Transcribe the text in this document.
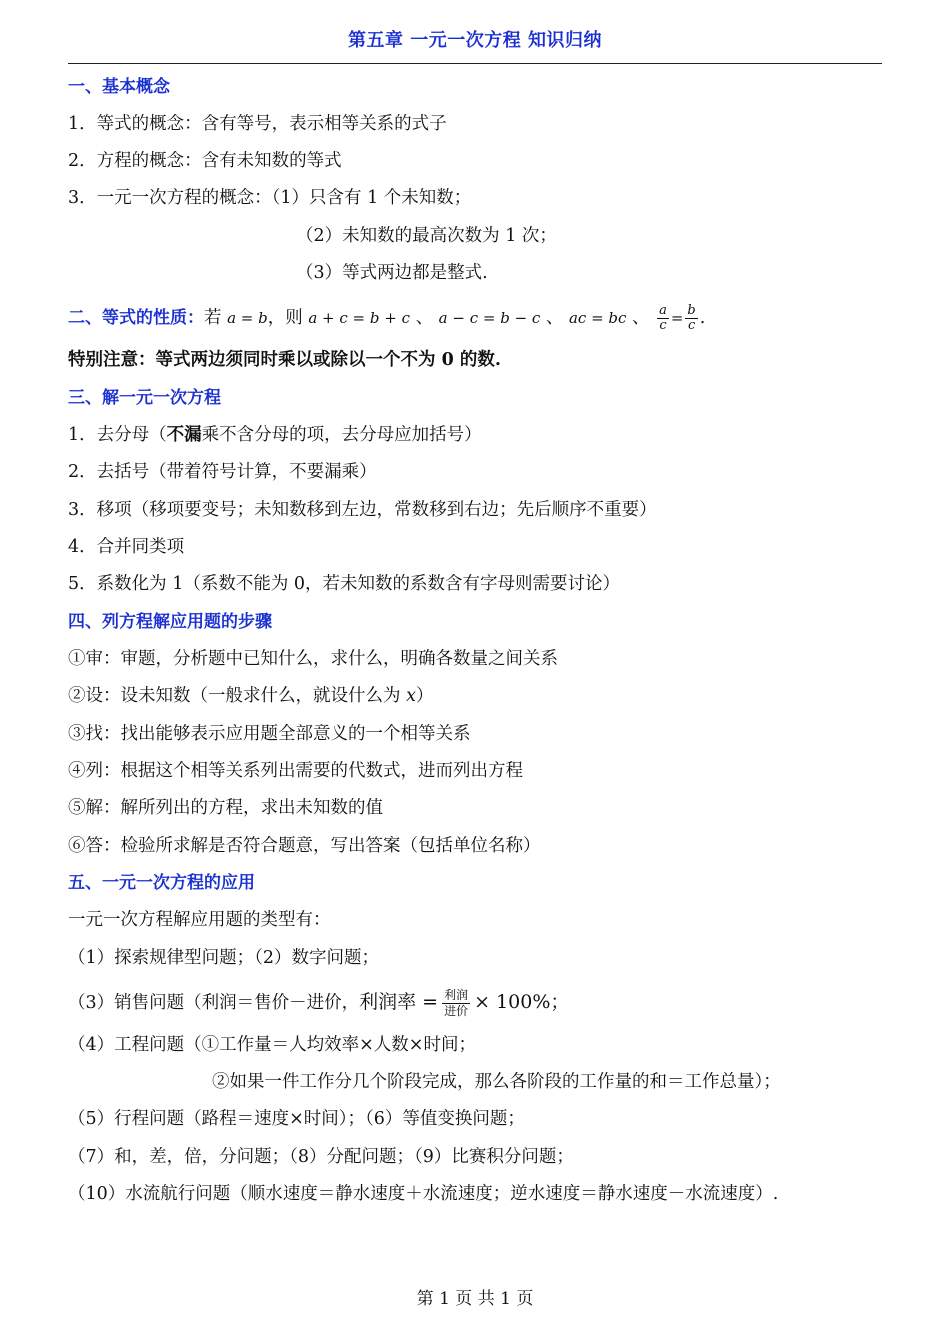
第五章 一元一次方程 知识归纳
一、基本概念
1．等式的概念：含有等号，表示相等关系的式子
2．方程的概念：含有未知数的等式
3．一元一次方程的概念：（1）只含有 1 个未知数；
（2）未知数的最高次数为 1 次；
（3）等式两边都是整式.
二、等式的性质：若 a = b，则 a + c = b + c 、 a − c = b − c 、 ac = bc 、 $\frac{a}{c} = \frac{b}{c}$ .
特别注意：等式两边须同时乘以或除以一个不为 0 的数.
三、解一元一次方程
1．去分母（不漏乘不含分母的项，去分母应加括号）
2．去括号（带着符号计算，不要漏乘）
3．移项（移项要变号；未知数移到左边，常数移到右边；先后顺序不重要）
4．合并同类项
5．系数化为 1（系数不能为 0，若未知数的系数含有字母则需要讨论）
四、列方程解应用题的步骤
①审：审题，分析题中已知什么，求什么，明确各数量之间关系
②设：设未知数（一般求什么，就设什么为 x）
③找：找出能够表示应用题全部意义的一个相等关系
④列：根据这个相等关系列出需要的代数式，进而列出方程
⑤解：解所列出的方程，求出未知数的值
⑥答：检验所求解是否符合题意，写出答案（包括单位名称）
五、一元一次方程的应用
一元一次方程解应用题的类型有：
（1）探索规律型问题；（2）数字问题；
（3）销售问题（利润＝售价－进价，利润率 = $\frac{\text{利润}}{\text{进价}} \times 100\%$；
（4）工程问题（①工作量＝人均效率×人数×时间；
②如果一件工作分几个阶段完成，那么各阶段的工作量的和＝工作总量）；
（5）行程问题（路程＝速度×时间）；（6）等值变换问题；
（7）和，差，倍，分问题；（8）分配问题；（9）比赛积分问题；
（10）水流航行问题（顺水速度＝静水速度＋水流速度；逆水速度＝静水速度－水流速度）.
第 1 页 共 1 页
